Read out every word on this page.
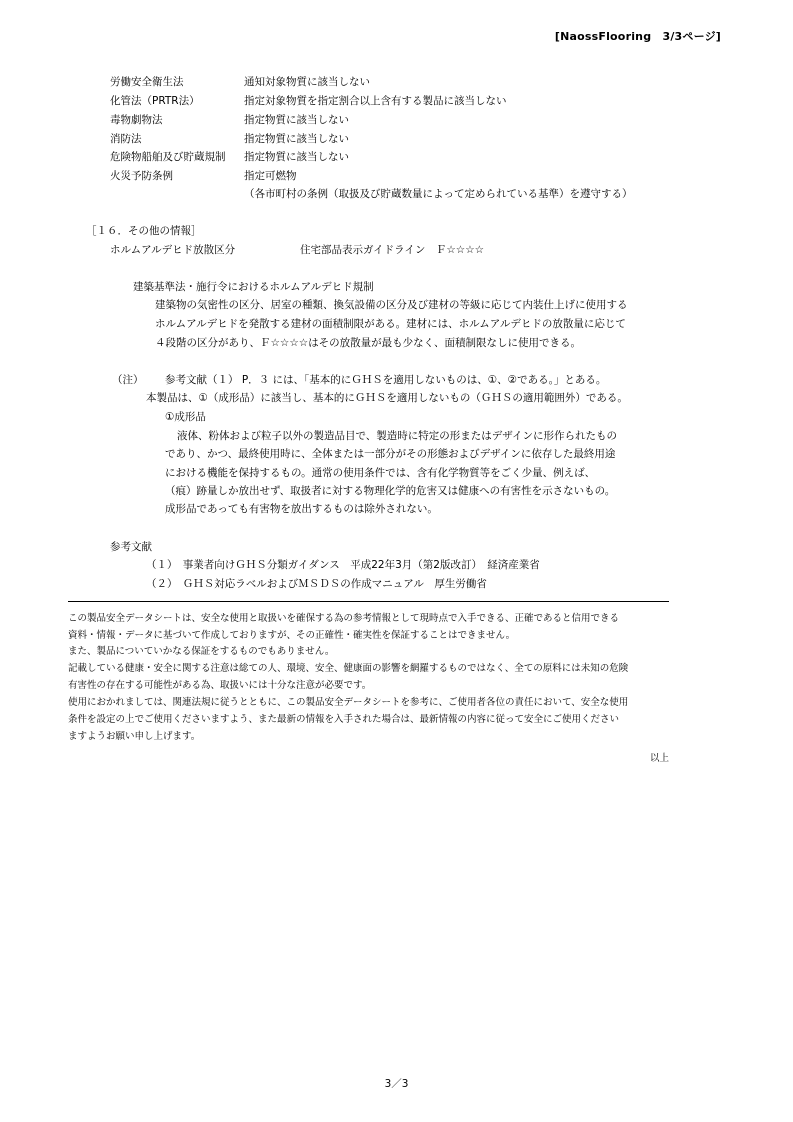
[NaossFlooring　3/3ページ]
労働安全衛生法	通知対象物質に該当しない
化管法（PRTR法）	指定対象物質を指定割合以上含有する製品に該当しない
毒物劇物法	指定物質に該当しない
消防法	指定物質に該当しない
危険物船舶及び貯蔵規制 指定物質に該当しない
火災予防条例	指定可燃物
（各市町村の条例（取扱及び貯蔵数量によって定められている基準）を遵守する）
［１６．その他の情報］
ホルムアルデヒド放散区分	住宅部品表示ガイドライン　Ｆ☆☆☆☆
建築基準法・施行令におけるホルムアルデヒド規制
建築物の気密性の区分、居室の種類、換気設備の区分及び建材の等級に応じて内装仕上げに使用する
ホルムアルデヒドを発散する建材の面積制限がある。建材には、ホルムアルデヒドの放散量に応じて
４段階の区分があり、Ｆ☆☆☆☆はその放散量が最も少なく、面積制限なしに使用できる。
（注） 参考文献（１） P．３ には、「基本的にＧＨＳを適用しないものは、①、②である。」とある。
本製品は、①（成形品）に該当し、基本的にＧＨＳを適用しないもの（ＧＨＳの適用範囲外）である。
①成形品
液体、粉体および粒子以外の製造品目で、製造時に特定の形またはデザインに形作られたもの
であり、かつ、最終使用時に、全体または一部分がその形態およびデザインに依存した最終用途
における機能を保持するもの。通常の使用条件では、含有化学物質等をごく少量、例えば、
（痕）跡量しか放出せず、取扱者に対する物理化学的危害又は健康への有害性を示さないもの。
成形品であっても有害物を放出するものは除外されない。
参考文献
（１）　事業者向けＧＨＳ分類ガイダンス　平成22年3月（第2版改訂）　経済産業省
（２）　ＧＨＳ対応ラベルおよびＭＳＤＳの作成マニュアル　厚生労働省
この製品安全データシートは、安全な使用と取扱いを確保する為の参考情報として現時点で入手できる、正確であると信用できる
資料・情報・データに基づいて作成しておりますが、その正確性・確実性を保証することはできません。
また、製品についていかなる保証をするものでもありません。
記載している健康・安全に関する注意は総ての人、環境、安全、健康面の影響を網羅するものではなく、全ての原料には未知の危険
有害性の存在する可能性がある為、取扱いには十分な注意が必要です。
使用におかれましては、関連法規に従うとともに、この製品安全データシートを参考に、ご使用者各位の責任において、安全な使用
条件を設定の上でご使用くださいますよう、また最新の情報を入手された場合は、最新情報の内容に従って安全にご使用ください
ますようお願い申し上げます。
以上
3／3
